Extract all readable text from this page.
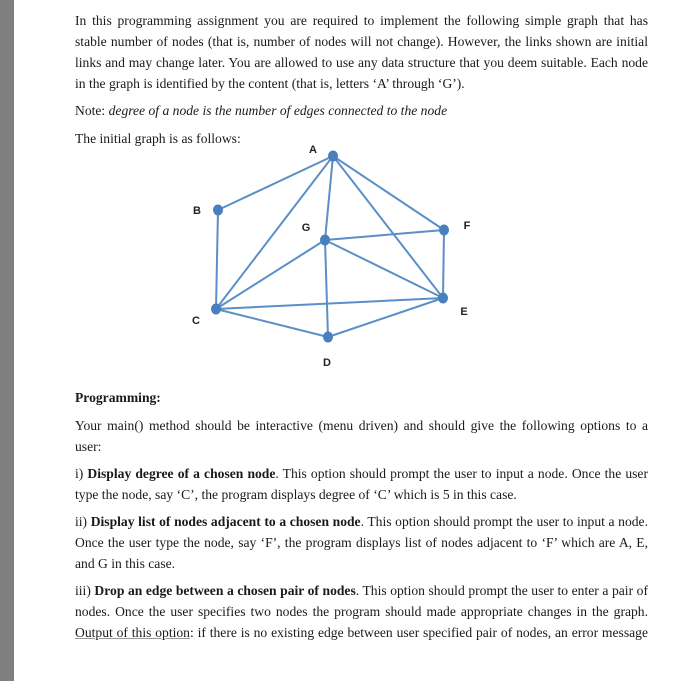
In this programming assignment you are required to implement the following simple graph that has
stable number of nodes (that is, number of nodes will not change). However, the links shown are initial
links and may change later. You are allowed to use any data structure that you deem suitable. Each node
in the graph is identified by the content (that is, letters ‘A’ through ‘G’).
Note: degree of a node is the number of edges connected to the node
The initial graph is as follows:
A
B
C
D
E
F
G
Programming:
Your main() method should be interactive (menu driven) and should give the following options to a
user:
i) Display degree of a chosen node. This option should prompt the user to input a node. Once the user
type the node, say ‘C’, the program displays degree of ‘C’ which is 5 in this case.
ii) Display list of nodes adjacent to a chosen node. This option should prompt the user to input a node.
Once the user type the node, say ‘F’, the program displays list of nodes adjacent to ‘F’ which are A, E,
and G in this case.
iii) Drop an edge between a chosen pair of nodes. This option should prompt the user to enter a pair of
nodes. Once the user specifies two nodes the program should made appropriate changes in the graph.
Output of this option: if there is no existing edge between user specified pair of nodes, an error message
